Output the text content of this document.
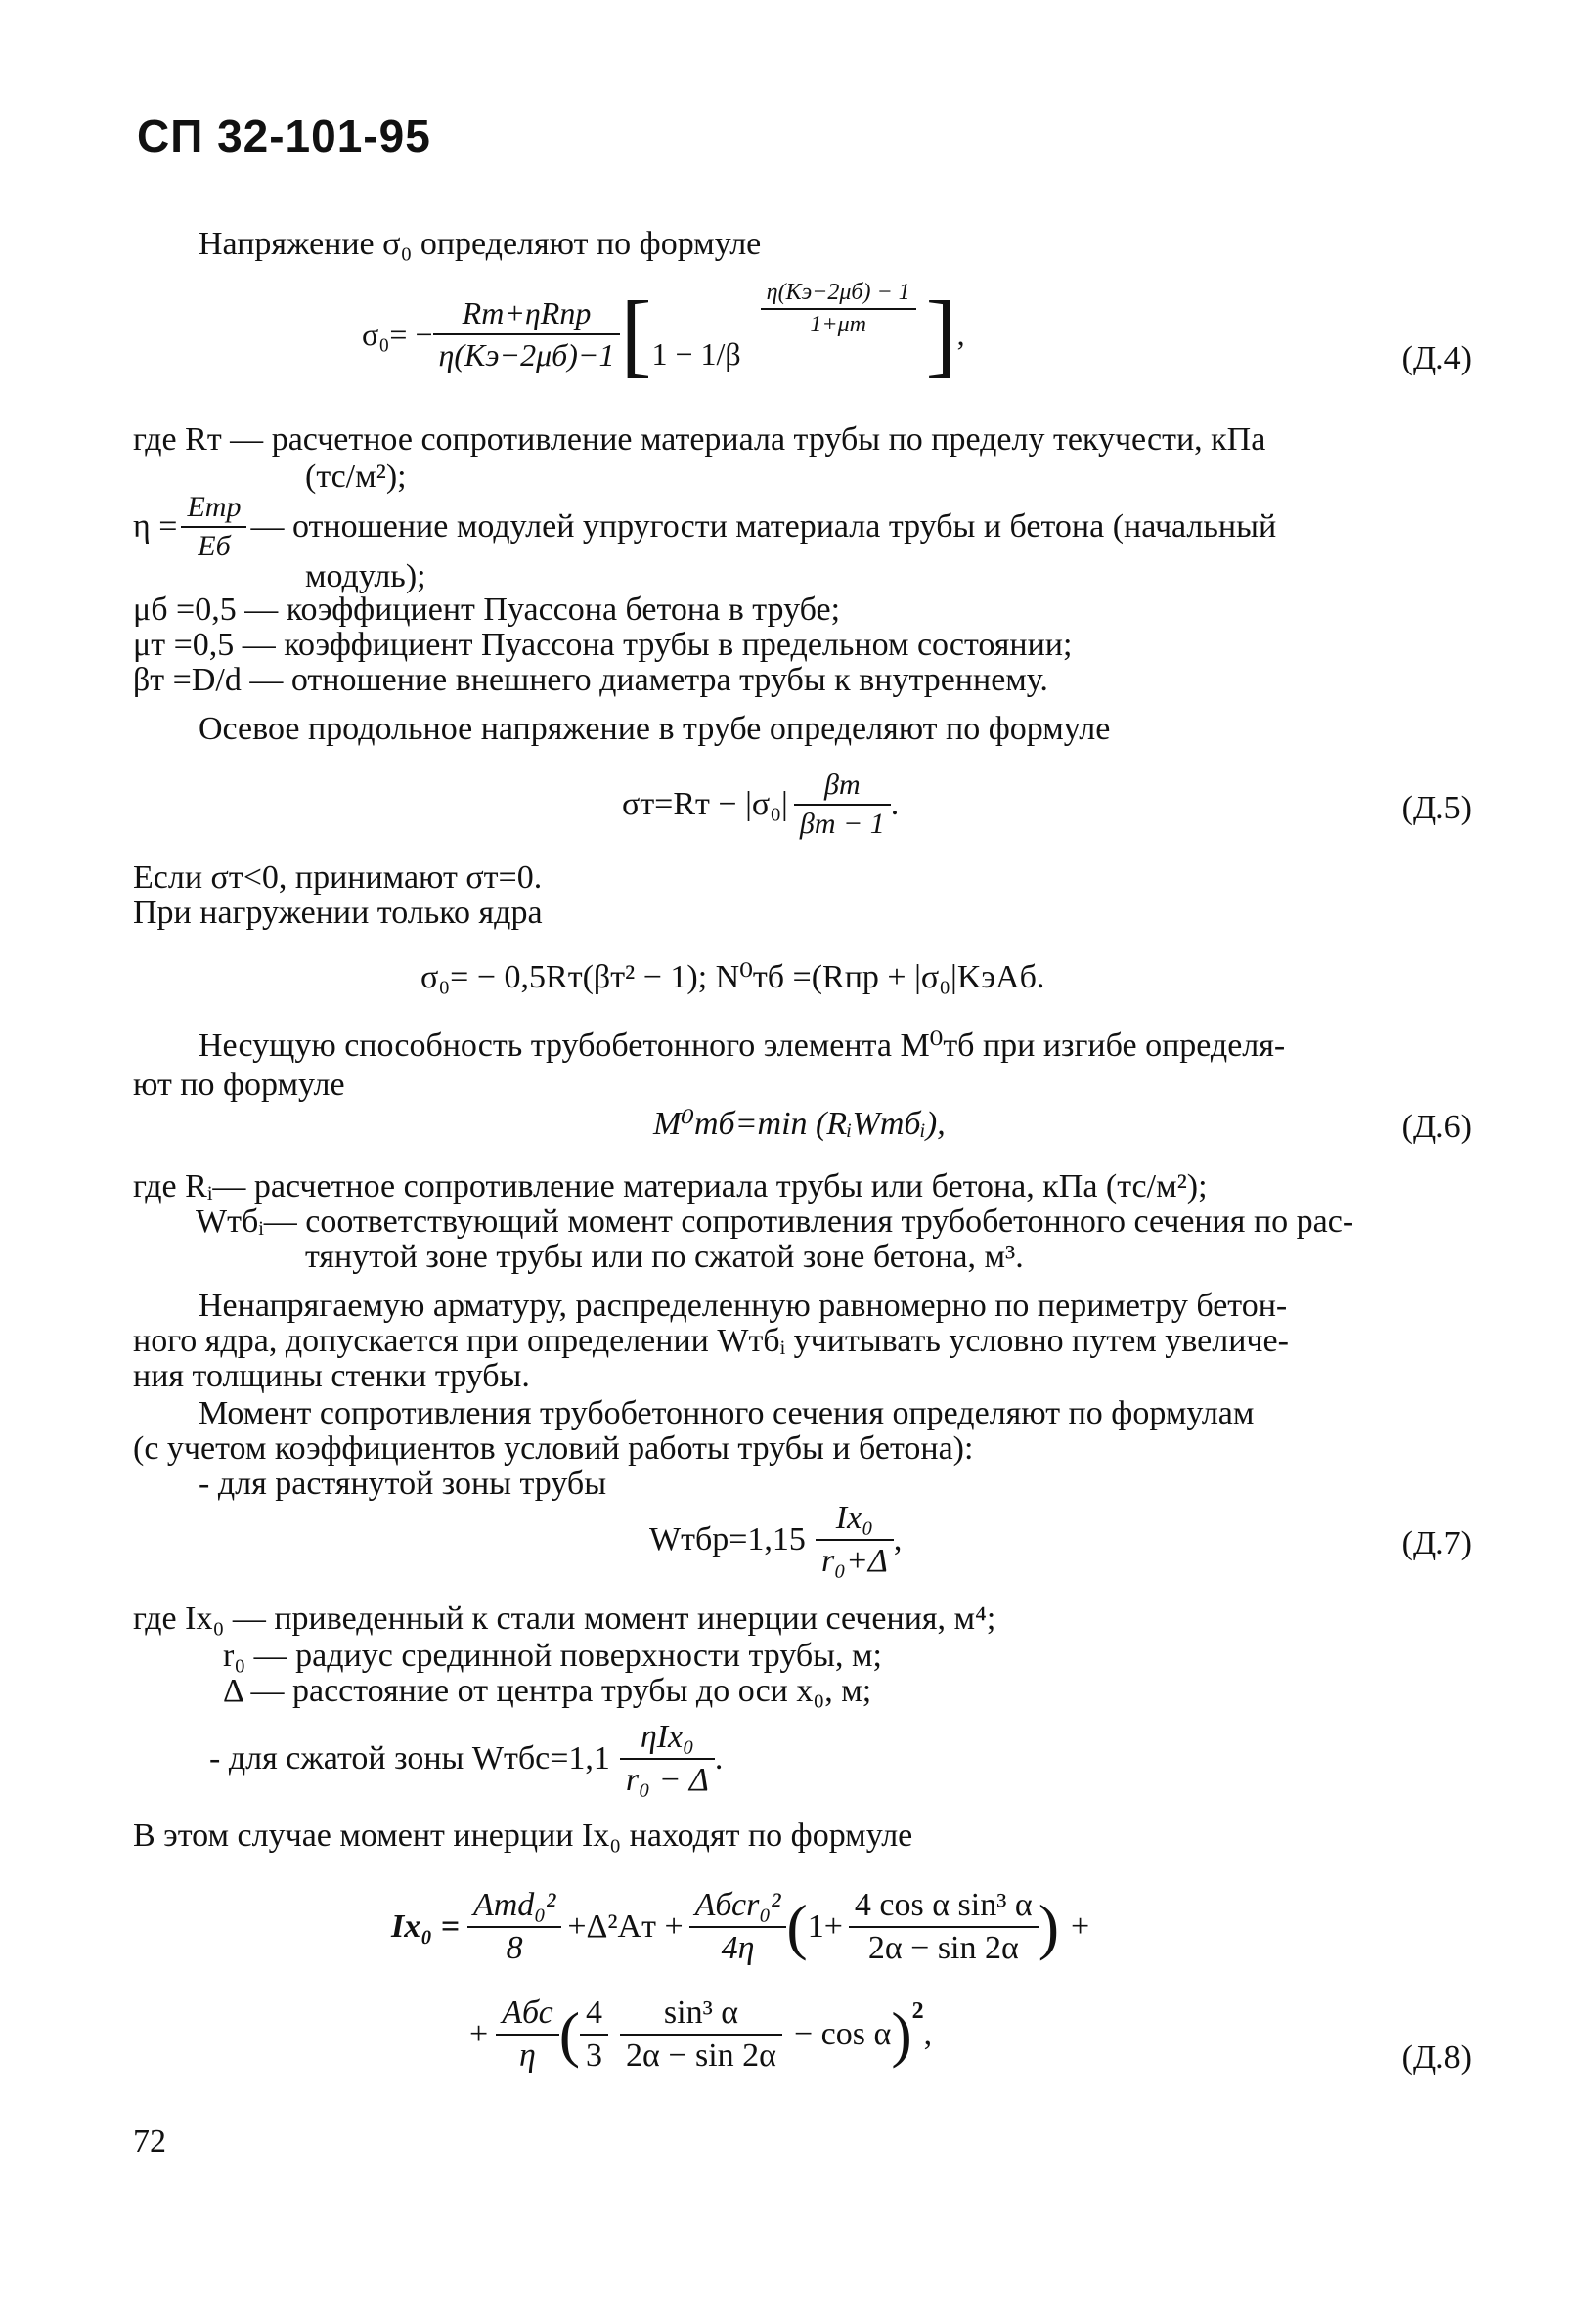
СП 32-101-95
Напряжение σ₀ определяют по формуле
$\sigma_0= - \frac{\text{Rт+ηRпр}}{\eta(Kэ-2\mu б)-1}$ [ 1 − 1/β
$\frac{\eta(Kэ-2\mu б) - 1}{1+\mu т}$ ] ,
(Д.4)
где Rт — расчетное сопротивление материала трубы по пределу текучести, кПа
(тс/м²);
$\eta = \frac{\text{Eтр}}{Eб}$ — отношение модулей упругости материала трубы и бетона (начальный
модуль);
μб =0,5 — коэффициент Пуассона бетона в трубе;
μт =0,5 — коэффициент Пуассона трубы в предельном состоянии;
βт =D/d — отношение внешнего диаметра трубы к внутреннему.
Осевое продольное напряжение в трубе определяют по формуле
$\sigma т=Rт - |\sigma_0| \frac{\beta т}{\beta т - 1}$ .	(Д.5)
Если σт<0, принимают σт=0.
При нагружении только ядра
σ₀= − 0,5Rт(βт² − 1); N⁰тб =(Rпр + |σ₀|KэAб.
Несущую способность трубобетонного элемента M⁰тб при изгибе определя-
ют по формуле
M⁰тб=min (RᵢWтбᵢ),	(Д.6)
где Rᵢ— расчетное сопротивление материала трубы или бетона, кПа (тс/м²);
Wтбᵢ— соответствующий момент сопротивления трубобетонного сечения по рас-
тянутой зоне трубы или по сжатой зоне бетона, м³.
Ненапрягаемую арматуру, распределенную равномерно по периметру бетон-
ного ядра, допускается при определении Wтбᵢ учитывать условно путем увеличе-
ния толщины стенки трубы.
Момент сопротивления трубобетонного сечения определяют по формулам
(с учетом коэффициентов условий работы трубы и бетона):
- для растянутой зоны трубы
Wтбр=1,15 $\frac{\text{Ix₀}}{\text{r₀+Δ}}$ ,	(Д.7)
где Ix₀ — приведенный к стали момент инерции сечения, м⁴;
r₀ — радиус срединной поверхности трубы, м;
Δ — расстояние от центра трубы до оси x₀, м;
- для сжатой зоны Wтбс=1,1 $\frac{\text{ηIx₀}}{\text{r₀ − Δ}}$ .
В этом случае момент инерции Ix₀ находят по формуле
$Ix_0 = \frac{\text{Aтd₀²}}{8} +\Delta^2Aт + \frac{\text{Aбсr₀²}}{4\eta}$ ( $1+ \frac{\text{4 cos α sin³ α}}{2\alpha - \sin 2\alpha}$ ) +
+ $\frac{\text{Aбс}}{\eta}$ ( $\frac{4}{3} \frac{\text{sin³ α}}{2\alpha - \sin 2\alpha} - \cos \alpha$ ) 2
,
(Д.8)
72
